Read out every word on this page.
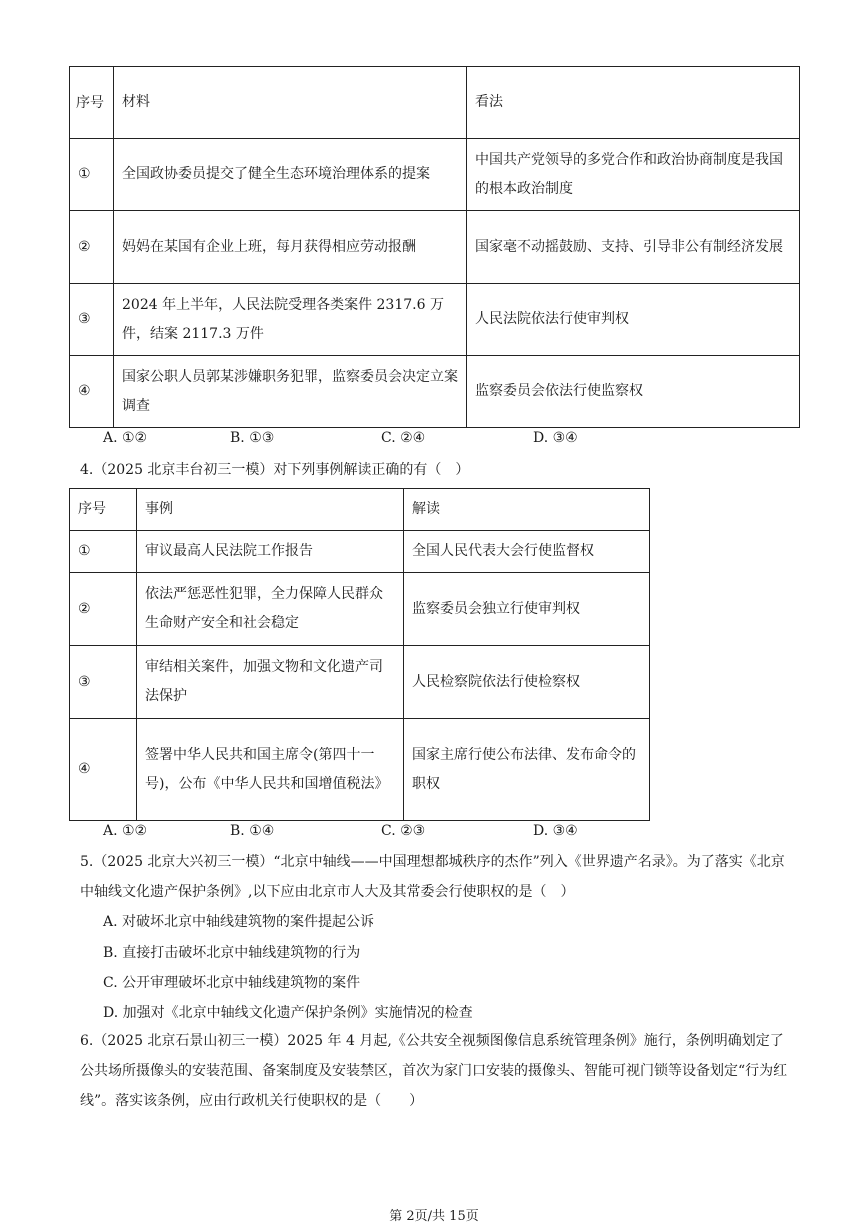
序号	材料	看法
①	全国政协委员提交了健全生态环境治理体系的提案	中国共产党领导的多党合作和政治协商制度是我国的根本政治制度
②	妈妈在某国有企业上班，每月获得相应劳动报酬	国家毫不动摇鼓励、支持、引导非公有制经济发展
③	2024 年上半年，人民法院受理各类案件 2317.6 万件，结案 2117.3 万件	人民法院依法行使审判权
④	国家公职人员郭某涉嫌职务犯罪，监察委员会决定立案调查	监察委员会依法行使监察权
A. ①②	B. ①③	C. ②④	D. ③④
4.（2025 北京丰台初三一模）对下列事例解读正确的有（　）
序号	事例	解读
①	审议最高人民法院工作报告	全国人民代表大会行使监督权
②	依法严惩恶性犯罪，全力保障人民群众生命财产安全和社会稳定	监察委员会独立行使审判权
③	审结相关案件，加强文物和文化遗产司法保护	人民检察院依法行使检察权
④	签署中华人民共和国主席令(第四十一号)，公布《中华人民共和国增值税法》	国家主席行使公布法律、发布命令的职权
A. ①②	B. ①④	C. ②③	D. ③④
5.（2025 北京大兴初三一模）“北京中轴线——中国理想都城秩序的杰作”列入《世界遗产名录》。为了落实《北京中轴线文化遗产保护条例》,以下应由北京市人大及其常委会行使职权的是（　）
A. 对破坏北京中轴线建筑物的案件提起公诉
B. 直接打击破坏北京中轴线建筑物的行为
C. 公开审理破坏北京中轴线建筑物的案件
D. 加强对《北京中轴线文化遗产保护条例》实施情况的检查
6.（2025 北京石景山初三一模）2025 年 4 月起,《公共安全视频图像信息系统管理条例》施行，条例明确划定了公共场所摄像头的安装范围、备案制度及安装禁区，首次为家门口安装的摄像头、智能可视门锁等设备划定“行为红线”。落实该条例，应由行政机关行使职权的是（　　）
第 2页/共 15页
